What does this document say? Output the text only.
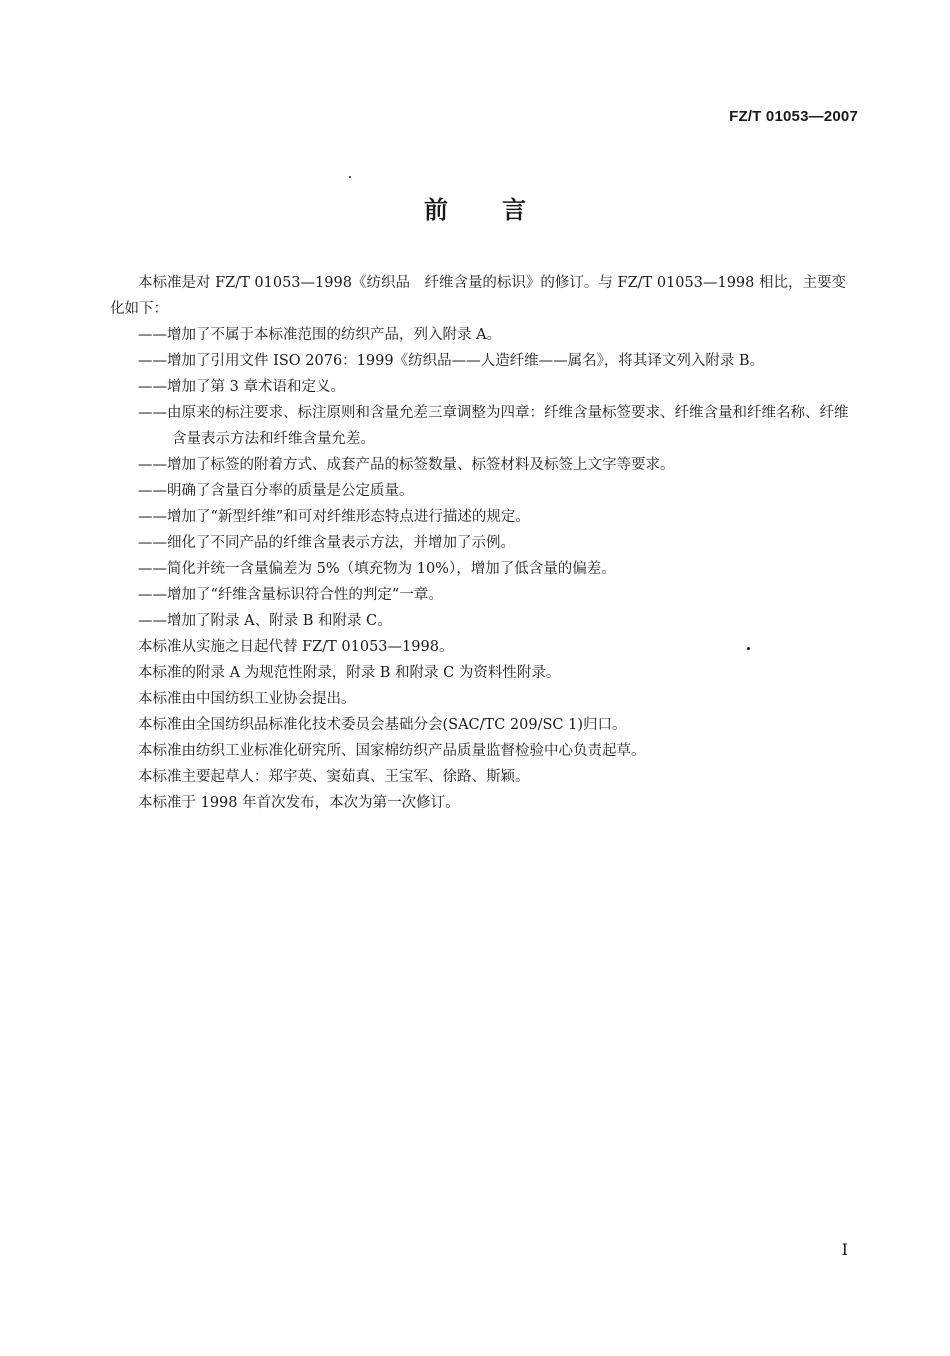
FZ/T 01053—2007
前言

本标准是对 FZ/T 01053—1998《纺织品　纤维含量的标识》的修订。与 FZ/T 01053—1998 相比，主要变化如下：

——增加了不属于本标准范围的纺织产品，列入附录 A。

——增加了引用文件 ISO 2076：1999《纺织品——人造纤维——属名》，将其译文列入附录 B。

——增加了第 3 章术语和定义。

——由原来的标注要求、标注原则和含量允差三章调整为四章：纤维含量标签要求、纤维含量和纤维名称、纤维含量表示方法和纤维含量允差。

——增加了标签的附着方式、成套产品的标签数量、标签材料及标签上文字等要求。

——明确了含量百分率的质量是公定质量。

——增加了“新型纤维”和可对纤维形态特点进行描述的规定。

——细化了不同产品的纤维含量表示方法，并增加了示例。

——简化并统一含量偏差为 5%（填充物为 10%），增加了低含量的偏差。

——增加了“纤维含量标识符合性的判定”一章。

——增加了附录 A、附录 B 和附录 C。

本标准从实施之日起代替 FZ/T 01053—1998。

本标准的附录 A 为规范性附录，附录 B 和附录 C 为资料性附录。

本标准由中国纺织工业协会提出。

本标准由全国纺织品标准化技术委员会基础分会(SAC/TC 209/SC 1)归口。

本标准由纺织工业标准化研究所、国家棉纺织产品质量监督检验中心负责起草。

本标准主要起草人：郑宇英、窦茹真、王宝军、徐路、斯颖。

本标准于 1998 年首次发布，本次为第一次修订。

I
